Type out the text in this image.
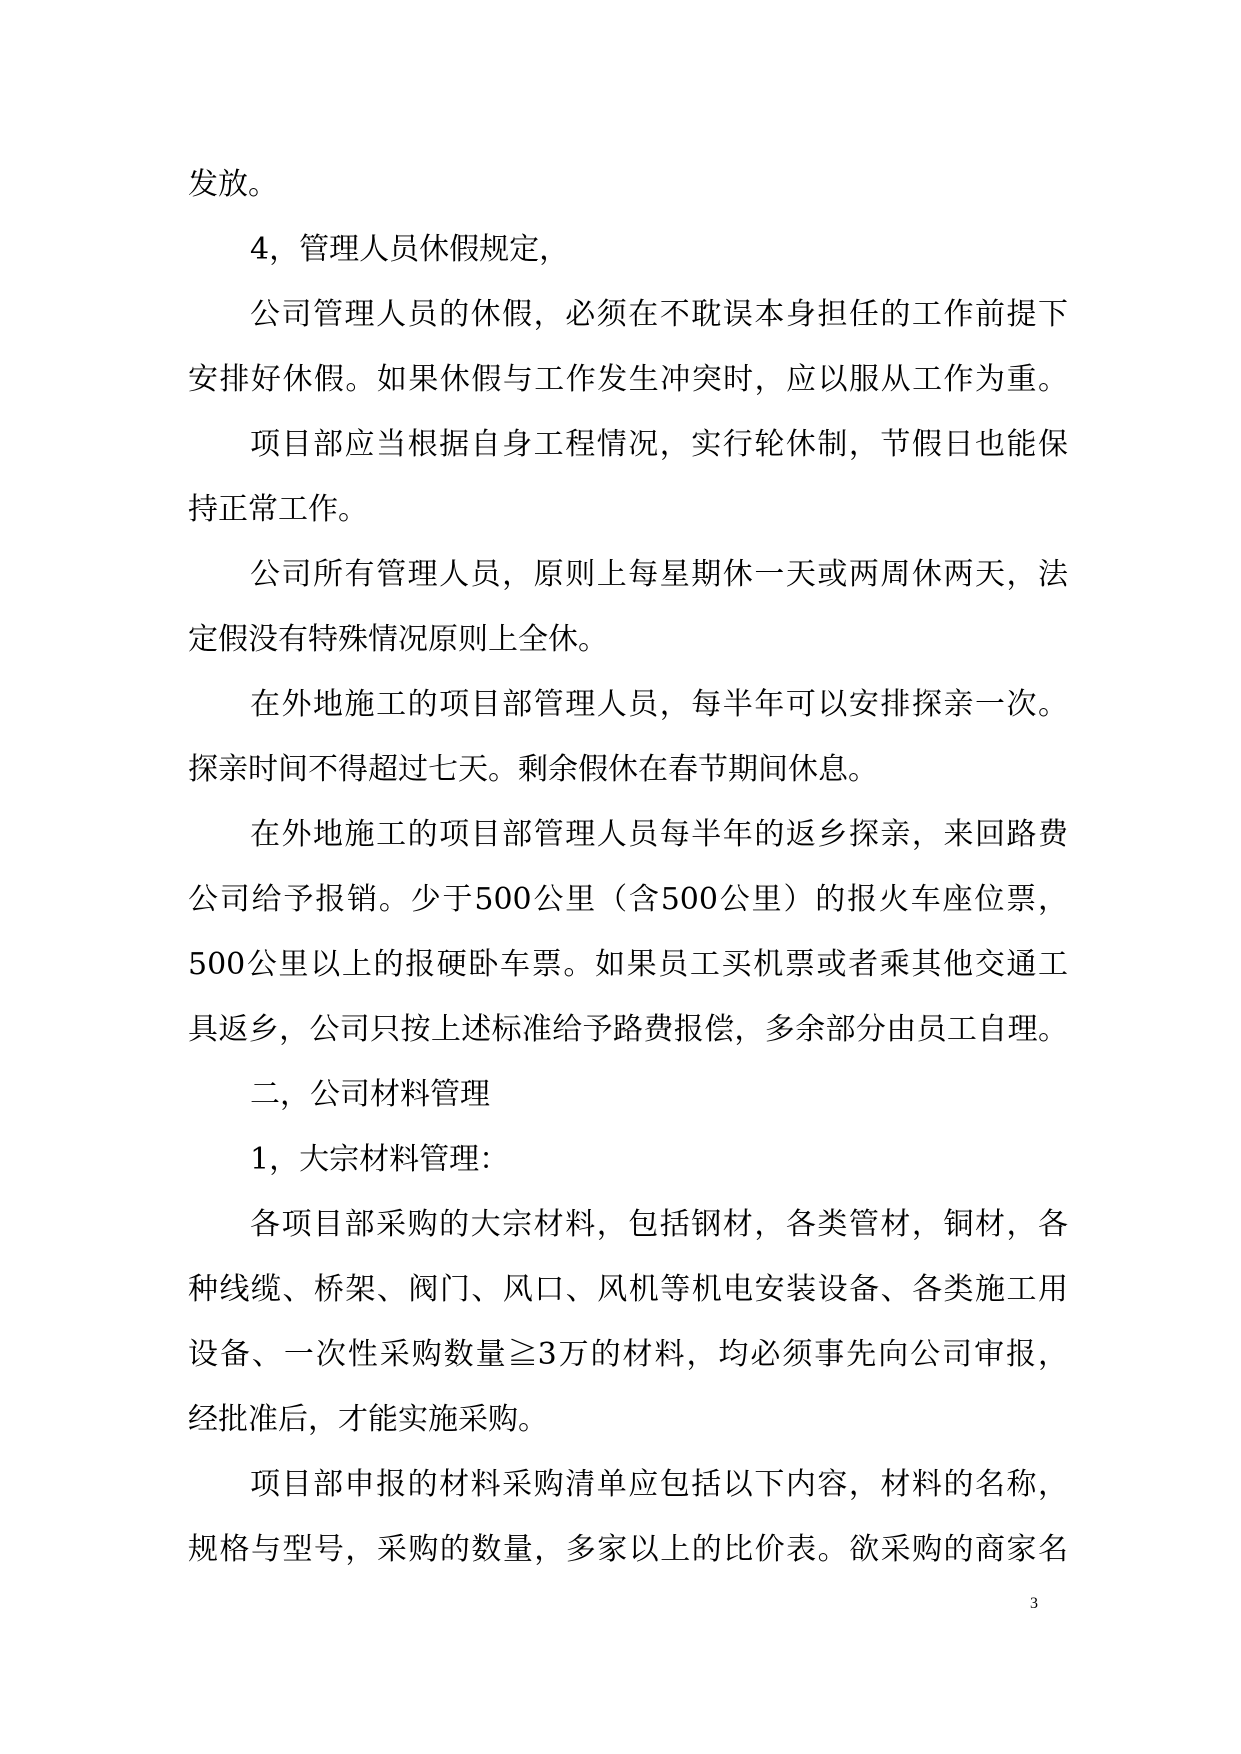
发放。
4，管理人员休假规定，
公司管理人员的休假，必须在不耽误本身担任的工作前提下
安排好休假。如果休假与工作发生冲突时，应以服从工作为重。
项目部应当根据自身工程情况，实行轮休制，节假日也能保
持正常工作。
公司所有管理人员，原则上每星期休一天或两周休两天，法
定假没有特殊情况原则上全休。
在外地施工的项目部管理人员，每半年可以安排探亲一次。
探亲时间不得超过七天。剩余假休在春节期间休息。
在外地施工的项目部管理人员每半年的返乡探亲，来回路费
公司给予报销。少于500公里（含500公里）的报火车座位票，
500公里以上的报硬卧车票。如果员工买机票或者乘其他交通工
具返乡，公司只按上述标准给予路费报偿，多余部分由员工自理。
二，公司材料管理
1，大宗材料管理：
各项目部采购的大宗材料，包括钢材，各类管材，铜材，各
种线缆、桥架、阀门、风口、风机等机电安装设备、各类施工用
设备、一次性采购数量≧3万的材料，均必须事先向公司审报，
经批准后，才能实施采购。
项目部申报的材料采购清单应包括以下内容，材料的名称，
规格与型号，采购的数量，多家以上的比价表。欲采购的商家名
3
